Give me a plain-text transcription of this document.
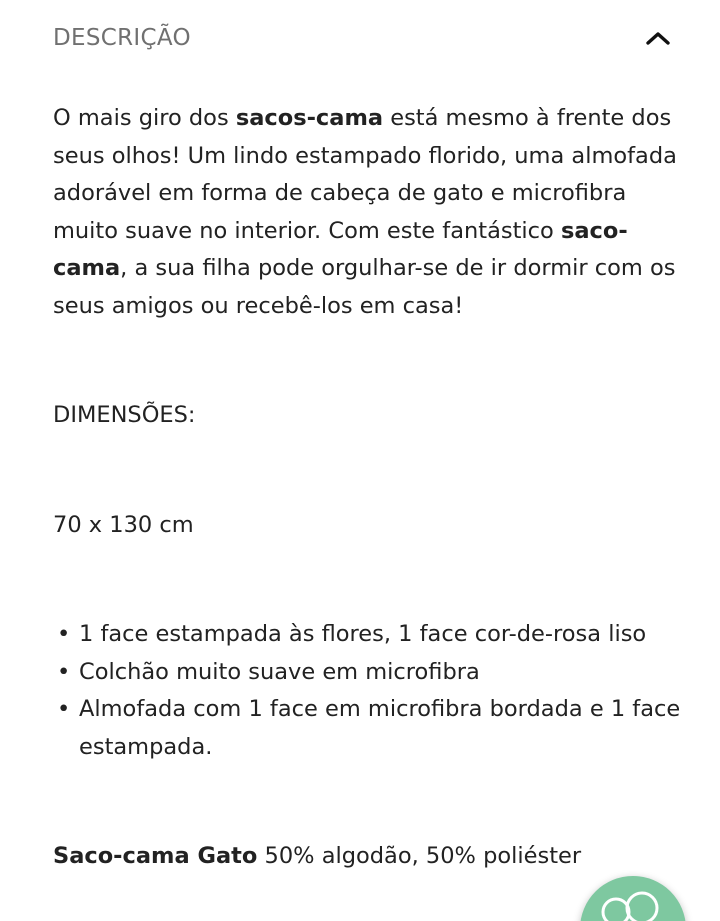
DESCRIÇÃO

O mais giro dos sacos-cama está mesmo à frente dos seus olhos! Um lindo estampado florido, uma almofada adorável em forma de cabeça de gato e microfibra muito suave no interior. Com este fantástico saco-cama, a sua filha pode orgulhar-se de ir dormir com os seus amigos ou recebê-los em casa!

DIMENSÕES:

70 x 130 cm

• 1 face estampada às flores, 1 face cor-de-rosa liso
• Colchão muito suave em microfibra
• Almofada com 1 face em microfibra bordada e 1 face estampada.

Saco-cama Gato 50% algodão, 50% poliéster
